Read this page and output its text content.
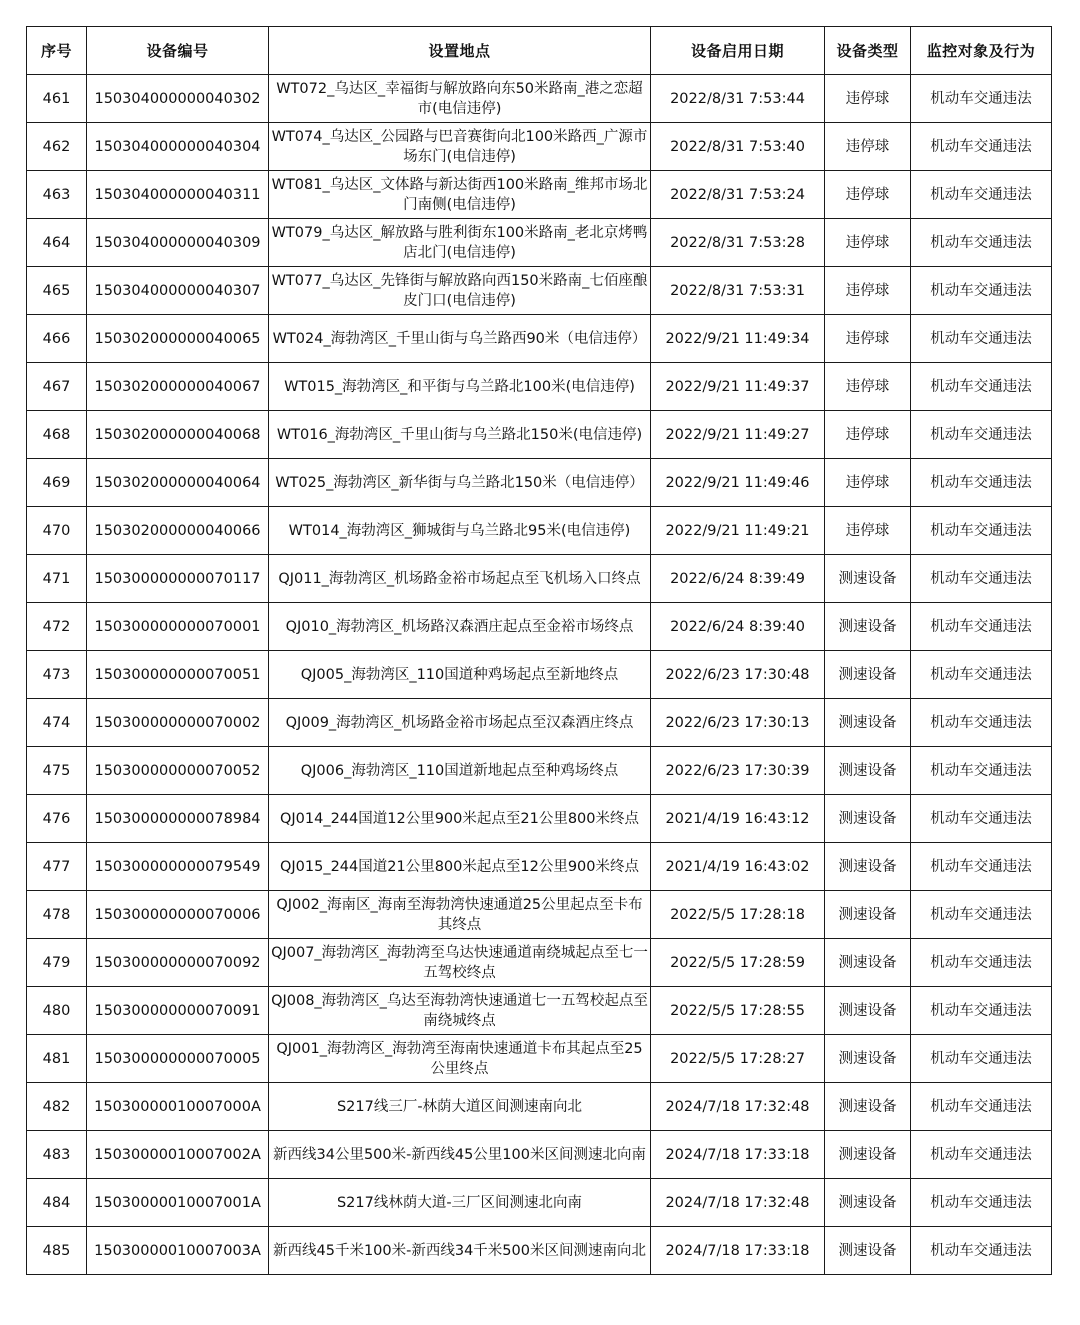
序号	设备编号	设置地点	设备启用日期	设备类型	监控对象及行为
461	150304000000040302	WT072_乌达区_幸福街与解放路向东50米路南_港之恋超市(电信违停)	2022/8/31 7:53:44	违停球	机动车交通违法
462	150304000000040304	WT074_乌达区_公园路与巴音赛街向北100米路西_广源市场东门(电信违停)	2022/8/31 7:53:40	违停球	机动车交通违法
463	150304000000040311	WT081_乌达区_文体路与新达街西100米路南_维邦市场北门南侧(电信违停)	2022/8/31 7:53:24	违停球	机动车交通违法
464	150304000000040309	WT079_乌达区_解放路与胜利街东100米路南_老北京烤鸭店北门(电信违停)	2022/8/31 7:53:28	违停球	机动车交通违法
465	150304000000040307	WT077_乌达区_先锋街与解放路向西150米路南_七佰座酿皮门口(电信违停)	2022/8/31 7:53:31	违停球	机动车交通违法
466	150302000000040065	WT024_海勃湾区_千里山街与乌兰路西90米（电信违停）	2022/9/21 11:49:34	违停球	机动车交通违法
467	150302000000040067	WT015_海勃湾区_和平街与乌兰路北100米(电信违停)	2022/9/21 11:49:37	违停球	机动车交通违法
468	150302000000040068	WT016_海勃湾区_千里山街与乌兰路北150米(电信违停)	2022/9/21 11:49:27	违停球	机动车交通违法
469	150302000000040064	WT025_海勃湾区_新华街与乌兰路北150米（电信违停）	2022/9/21 11:49:46	违停球	机动车交通违法
470	150302000000040066	WT014_海勃湾区_狮城街与乌兰路北95米(电信违停)	2022/9/21 11:49:21	违停球	机动车交通违法
471	150300000000070117	QJ011_海勃湾区_机场路金裕市场起点至飞机场入口终点	2022/6/24 8:39:49	测速设备	机动车交通违法
472	150300000000070001	QJ010_海勃湾区_机场路汉森酒庄起点至金裕市场终点	2022/6/24 8:39:40	测速设备	机动车交通违法
473	150300000000070051	QJ005_海勃湾区_110国道种鸡场起点至新地终点	2022/6/23 17:30:48	测速设备	机动车交通违法
474	150300000000070002	QJ009_海勃湾区_机场路金裕市场起点至汉森酒庄终点	2022/6/23 17:30:13	测速设备	机动车交通违法
475	150300000000070052	QJ006_海勃湾区_110国道新地起点至种鸡场终点	2022/6/23 17:30:39	测速设备	机动车交通违法
476	150300000000078984	QJ014_244国道12公里900米起点至21公里800米终点	2021/4/19 16:43:12	测速设备	机动车交通违法
477	150300000000079549	QJ015_244国道21公里800米起点至12公里900米终点	2021/4/19 16:43:02	测速设备	机动车交通违法
478	150300000000070006	QJ002_海南区_海南至海勃湾快速通道25公里起点至卡布其终点	2022/5/5 17:28:18	测速设备	机动车交通违法
479	150300000000070092	QJ007_海勃湾区_海勃湾至乌达快速通道南绕城起点至七一五驾校终点	2022/5/5 17:28:59	测速设备	机动车交通违法
480	150300000000070091	QJ008_海勃湾区_乌达至海勃湾快速通道七一五驾校起点至南绕城终点	2022/5/5 17:28:55	测速设备	机动车交通违法
481	150300000000070005	QJ001_海勃湾区_海勃湾至海南快速通道卡布其起点至25公里终点	2022/5/5 17:28:27	测速设备	机动车交通违法
482	15030000010007000A	S217线三厂-林荫大道区间测速南向北	2024/7/18 17:32:48	测速设备	机动车交通违法
483	15030000010007002A	新西线34公里500米-新西线45公里100米区间测速北向南	2024/7/18 17:33:18	测速设备	机动车交通违法
484	15030000010007001A	S217线林荫大道-三厂区间测速北向南	2024/7/18 17:32:48	测速设备	机动车交通违法
485	15030000010007003A	新西线45千米100米-新西线34千米500米区间测速南向北	2024/7/18 17:33:18	测速设备	机动车交通违法
